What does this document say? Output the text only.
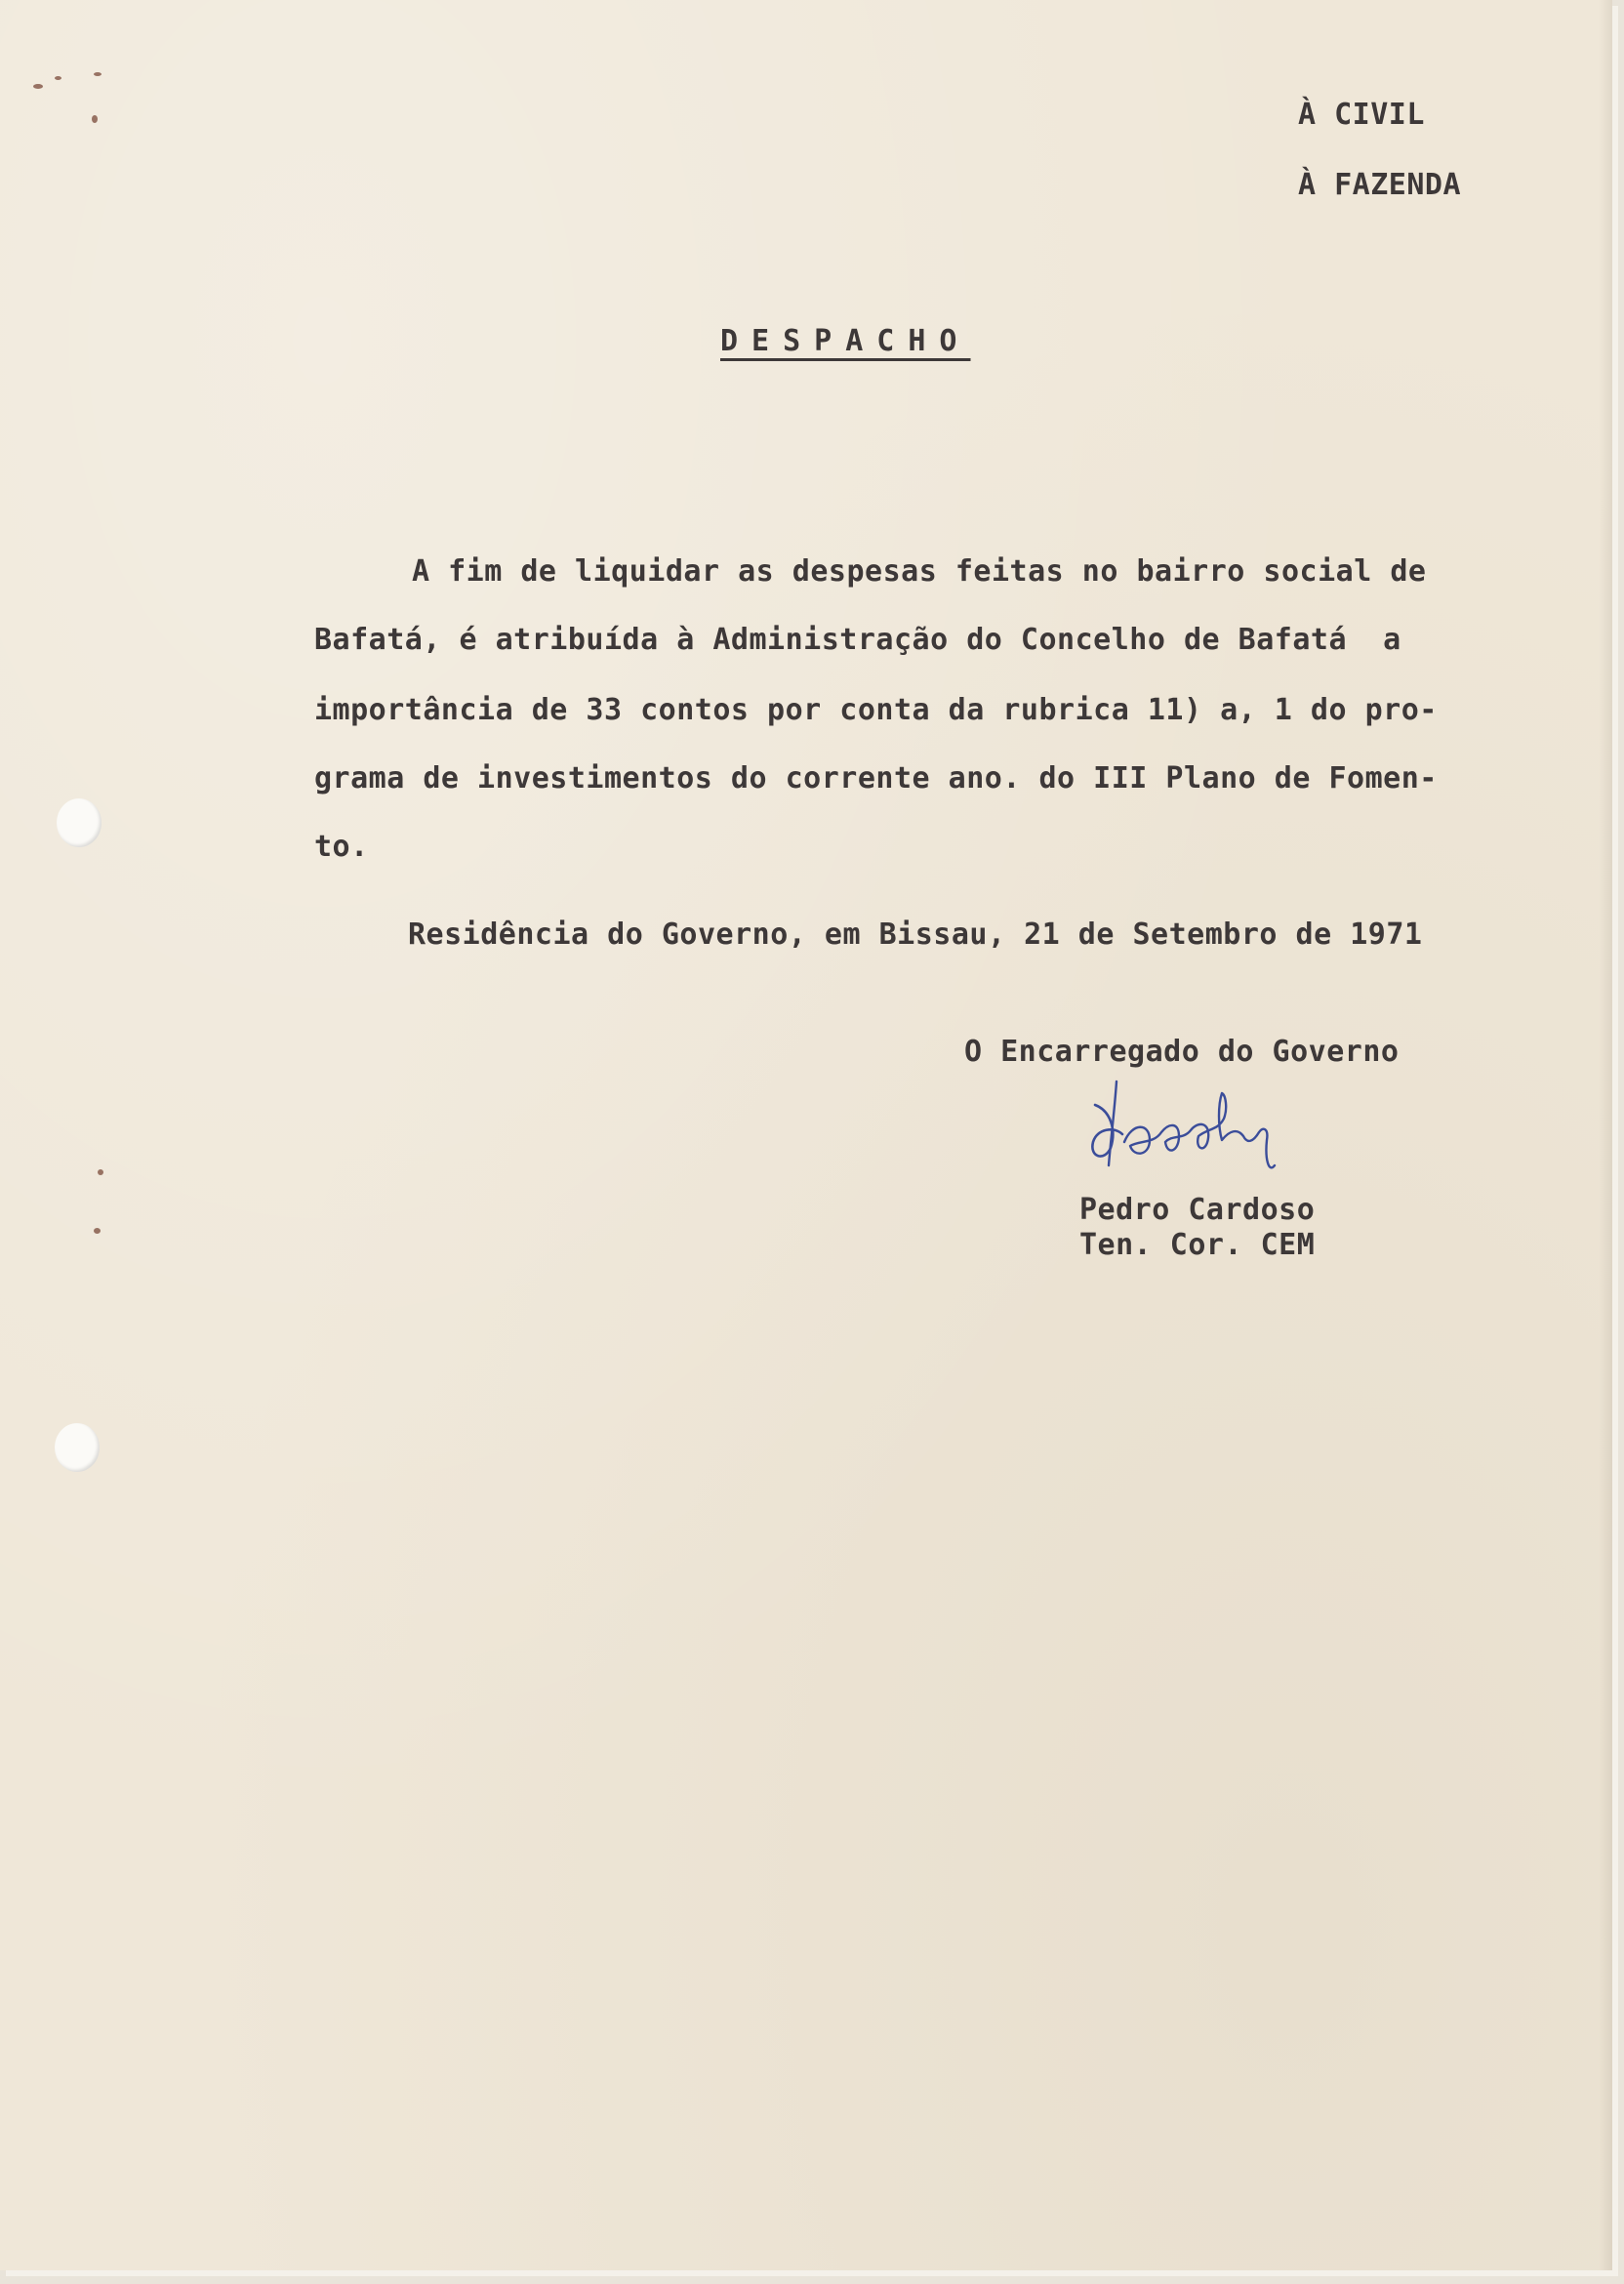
À CIVIL

À FAZENDA

DESPACHO

A fim de liquidar as despesas feitas no bairro social de

Bafatá, é atribuída à Administração do Concelho de Bafatá  a

importância de 33 contos por conta da rubrica 11) a, 1 do pro-

grama de investimentos do corrente ano. do III Plano de Fomen-

to.

Residência do Governo, em Bissau, 21 de Setembro de 1971

O Encarregado do Governo

Pedro Cardoso

Ten. Cor. CEM
